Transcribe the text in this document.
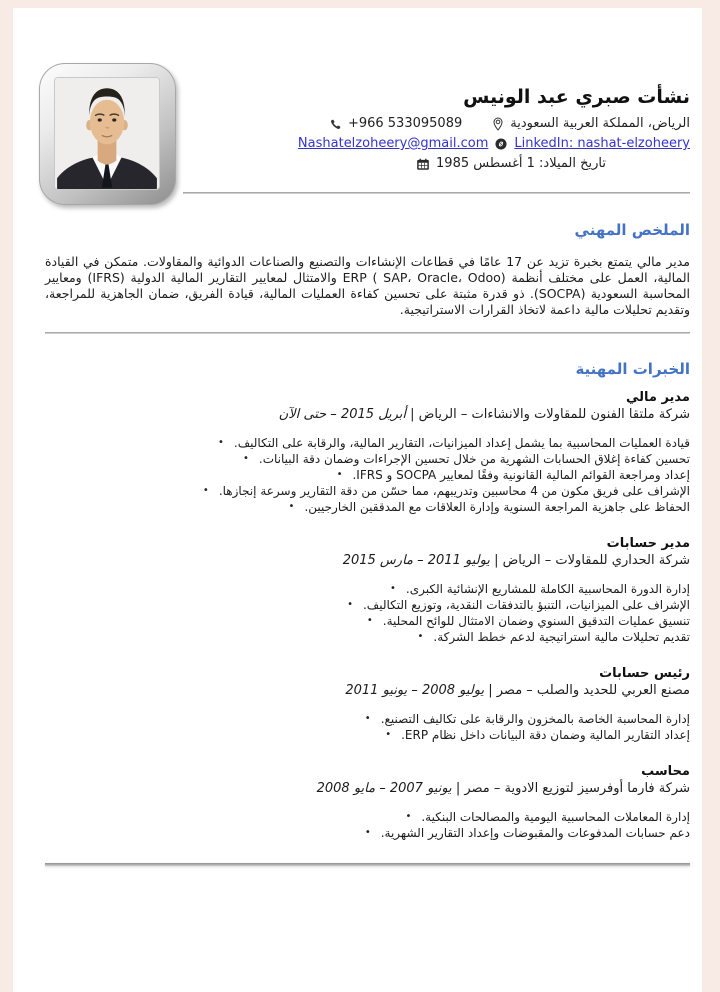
نشأت صبري عبد الونيس
+966 533095089	الرياض، المملكة العربية السعودية
Nashatelzoheery@gmail.com LinkedIn: nashat-elzoheery
تاريخ الميلاد: 1 أغسطس 1985
الملخص المهني
مدير مالي يتمتع بخبرة تزيد عن 17 عامًا في قطاعات الإنشاءات والتصنيع والصناعات الدوائية والمقاولات. متمكن في القيادة المالية، العمل على مختلف أنظمة ERP ( SAP، Oracle، Odoo) والامتثال لمعايير التقارير المالية الدولية (IFRS) ومعايير المحاسبة السعودية (SOCPA). ذو قدرة مثبتة على تحسين كفاءة العمليات المالية، قيادة الفريق، ضمان الجاهزية للمراجعة، وتقديم تحليلات مالية داعمة لاتخاذ القرارات الاستراتيجية.
الخبرات المهنية
مدير مالي
شركة ملتقا الفنون للمقاولات والانشاءات – الرياض | أبريل 2015 – حتى الآن
• قيادة العمليات المحاسبية بما يشمل إعداد الميزانيات، التقارير المالية، والرقابة على التكاليف.
• تحسين كفاءة إغلاق الحسابات الشهرية من خلال تحسين الإجراءات وضمان دقة البيانات.
• إعداد ومراجعة القوائم المالية القانونية وفقًا لمعايير SOCPA و IFRS.
• الإشراف على فريق مكون من 4 محاسبين وتدريبهم، مما حسّن من دقة التقارير وسرعة إنجازها.
• الحفاظ على جاهزية المراجعة السنوية وإدارة العلاقات مع المدققين الخارجيين.
مدير حسابات
شركة الحداري للمقاولات – الرياض | يوليو 2011 – مارس 2015
• إدارة الدورة المحاسبية الكاملة للمشاريع الإنشائية الكبرى.
• الإشراف على الميزانيات، التنبؤ بالتدفقات النقدية، وتوزيع التكاليف.
• تنسيق عمليات التدقيق السنوي وضمان الامتثال للوائح المحلية.
• تقديم تحليلات مالية استراتيجية لدعم خطط الشركة.
رئيس حسابات
مصنع العربي للحديد والصلب – مصر | يوليو 2008 – يونيو 2011
• إدارة المحاسبة الخاصة بالمخزون والرقابة على تكاليف التصنيع.
• إعداد التقارير المالية وضمان دقة البيانات داخل نظام ERP.
محاسب
شركة فارما أوفرسيز لتوزيع الادوية – مصر | يونيو 2007 – مايو 2008
• إدارة المعاملات المحاسبية اليومية والمصالحات البنكية.
• دعم حسابات المدفوعات والمقبوضات وإعداد التقارير الشهرية.
